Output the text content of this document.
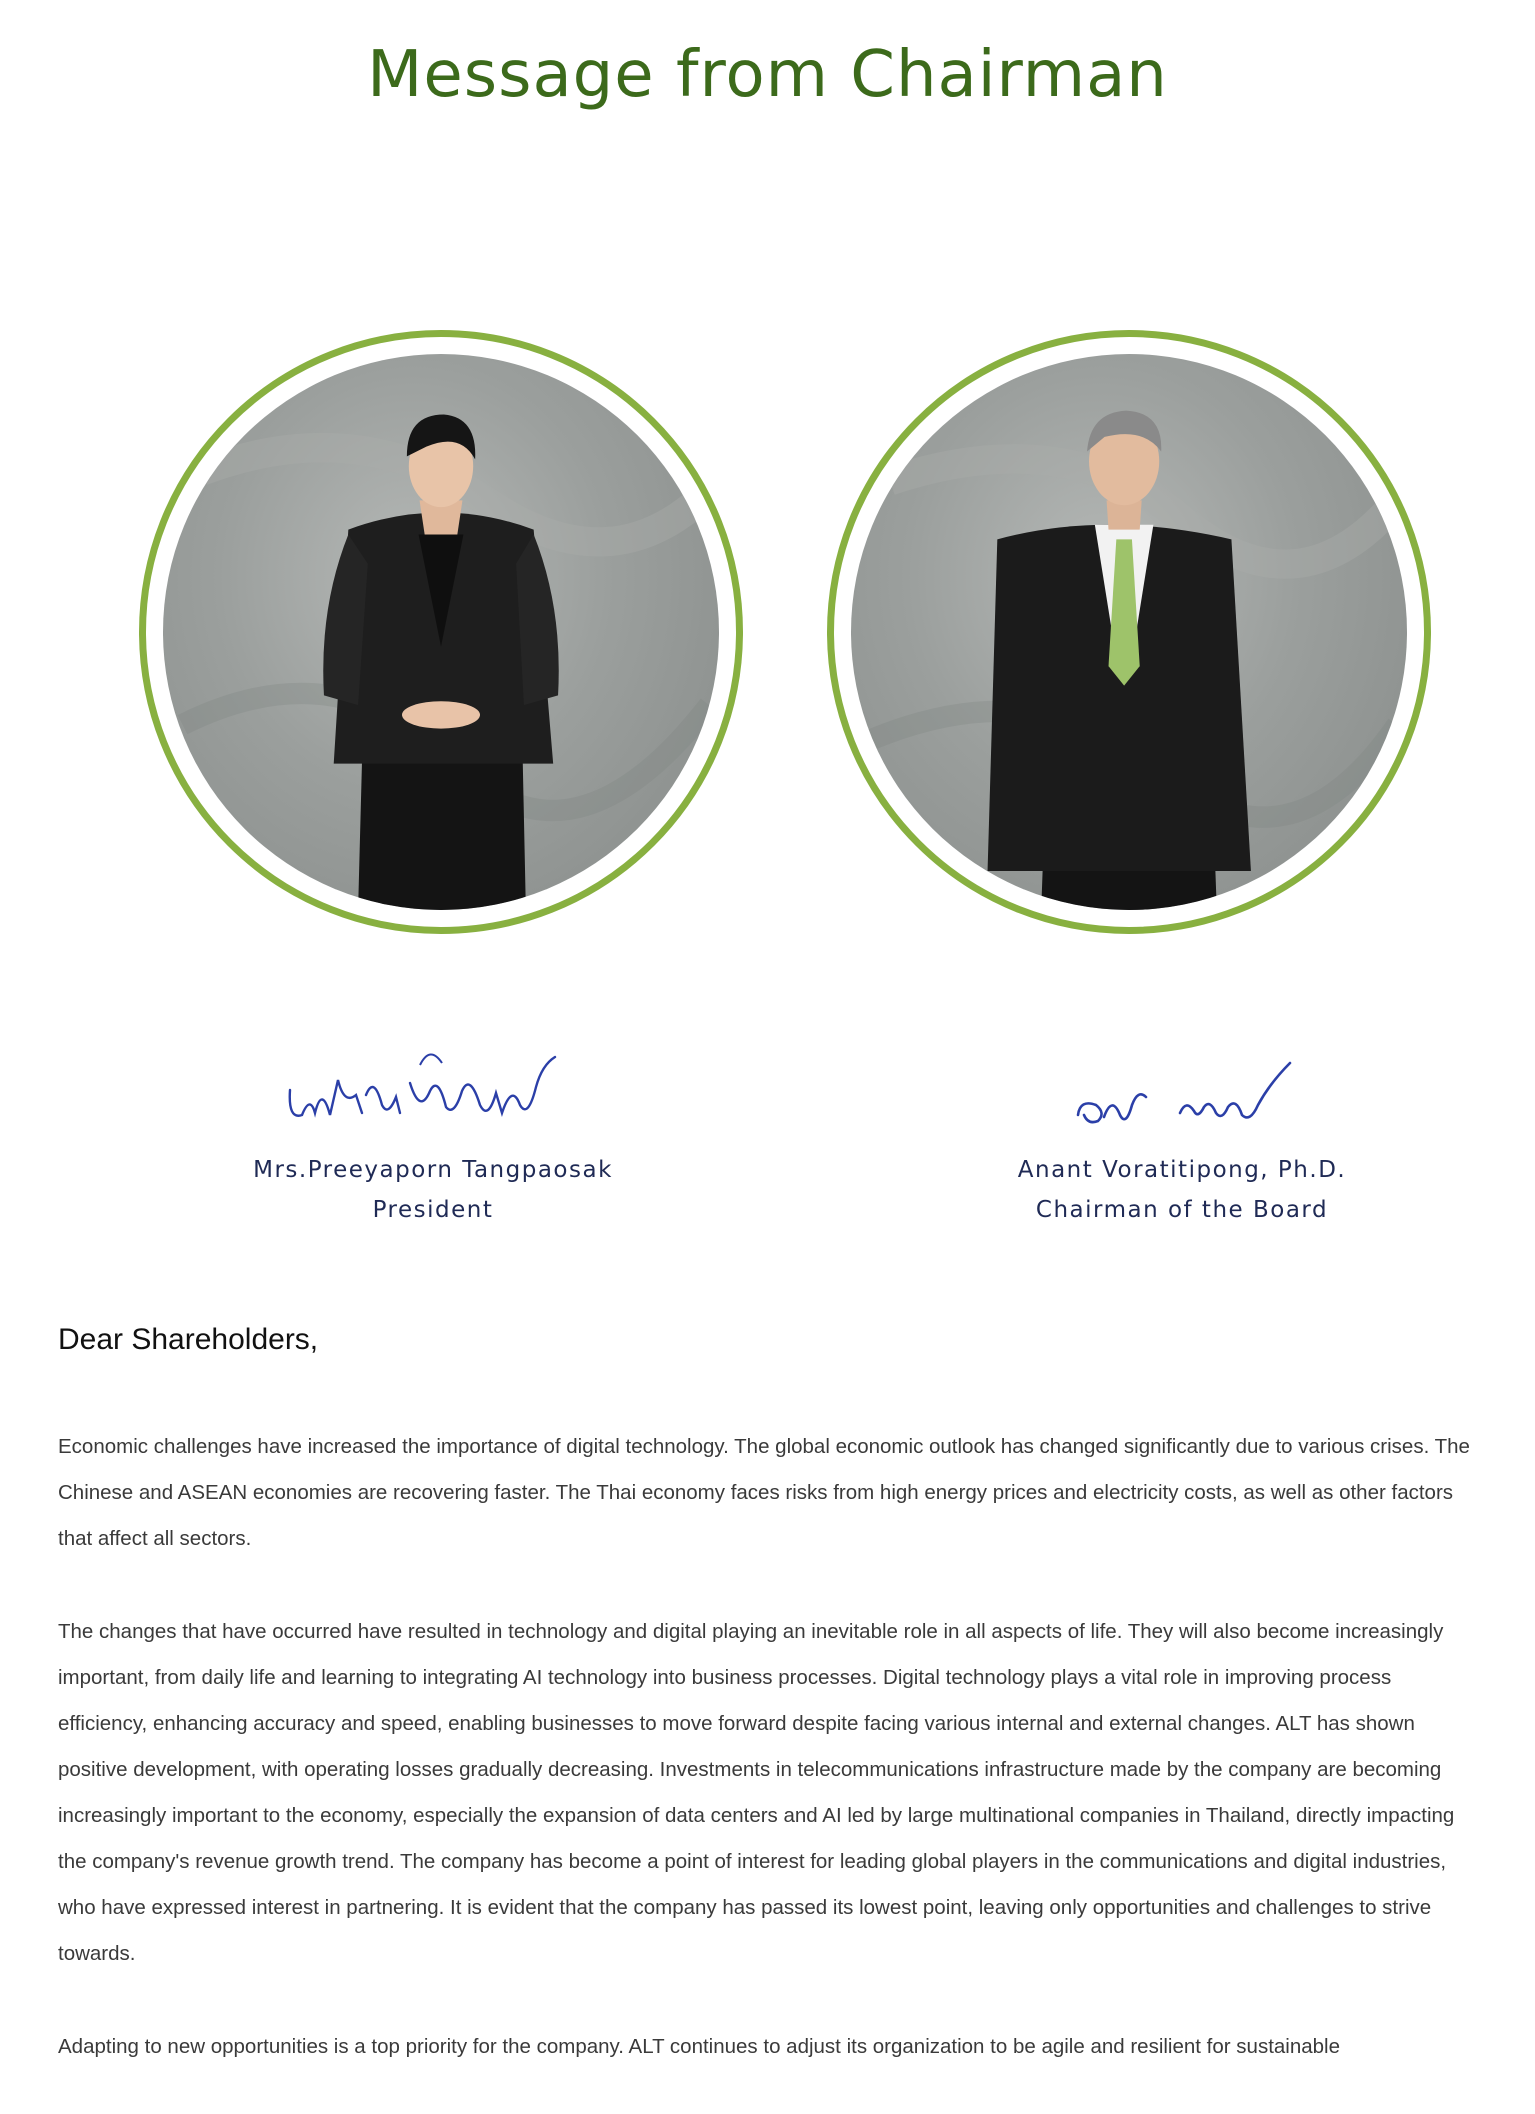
Message from Chairman
Mrs.Preeyaporn Tangpaosak
President
Anant Voratitipong, Ph.D.
Chairman of the Board
Dear Shareholders,

Economic challenges have increased the importance of digital technology. The global economic outlook has changed significantly due to various crises. The Chinese and ASEAN economies are recovering faster. The Thai economy faces risks from high energy prices and electricity costs, as well as other factors that affect all sectors.

The changes that have occurred have resulted in technology and digital playing an inevitable role in all aspects of life. They will also become increasingly important, from daily life and learning to integrating AI technology into business processes. Digital technology plays a vital role in improving process efficiency, enhancing accuracy and speed, enabling businesses to move forward despite facing various internal and external changes. ALT has shown positive development, with operating losses gradually decreasing. Investments in telecommunications infrastructure made by the company are becoming increasingly important to the economy, especially the expansion of data centers and AI led by large multinational companies in Thailand, directly impacting the company's revenue growth trend. The company has become a point of interest for leading global players in the communications and digital industries, who have expressed interest in partnering. It is evident that the company has passed its lowest point, leaving only opportunities and challenges to strive towards.

Adapting to new opportunities is a top priority for the company. ALT continues to adjust its organization to be agile and resilient for sustainable
